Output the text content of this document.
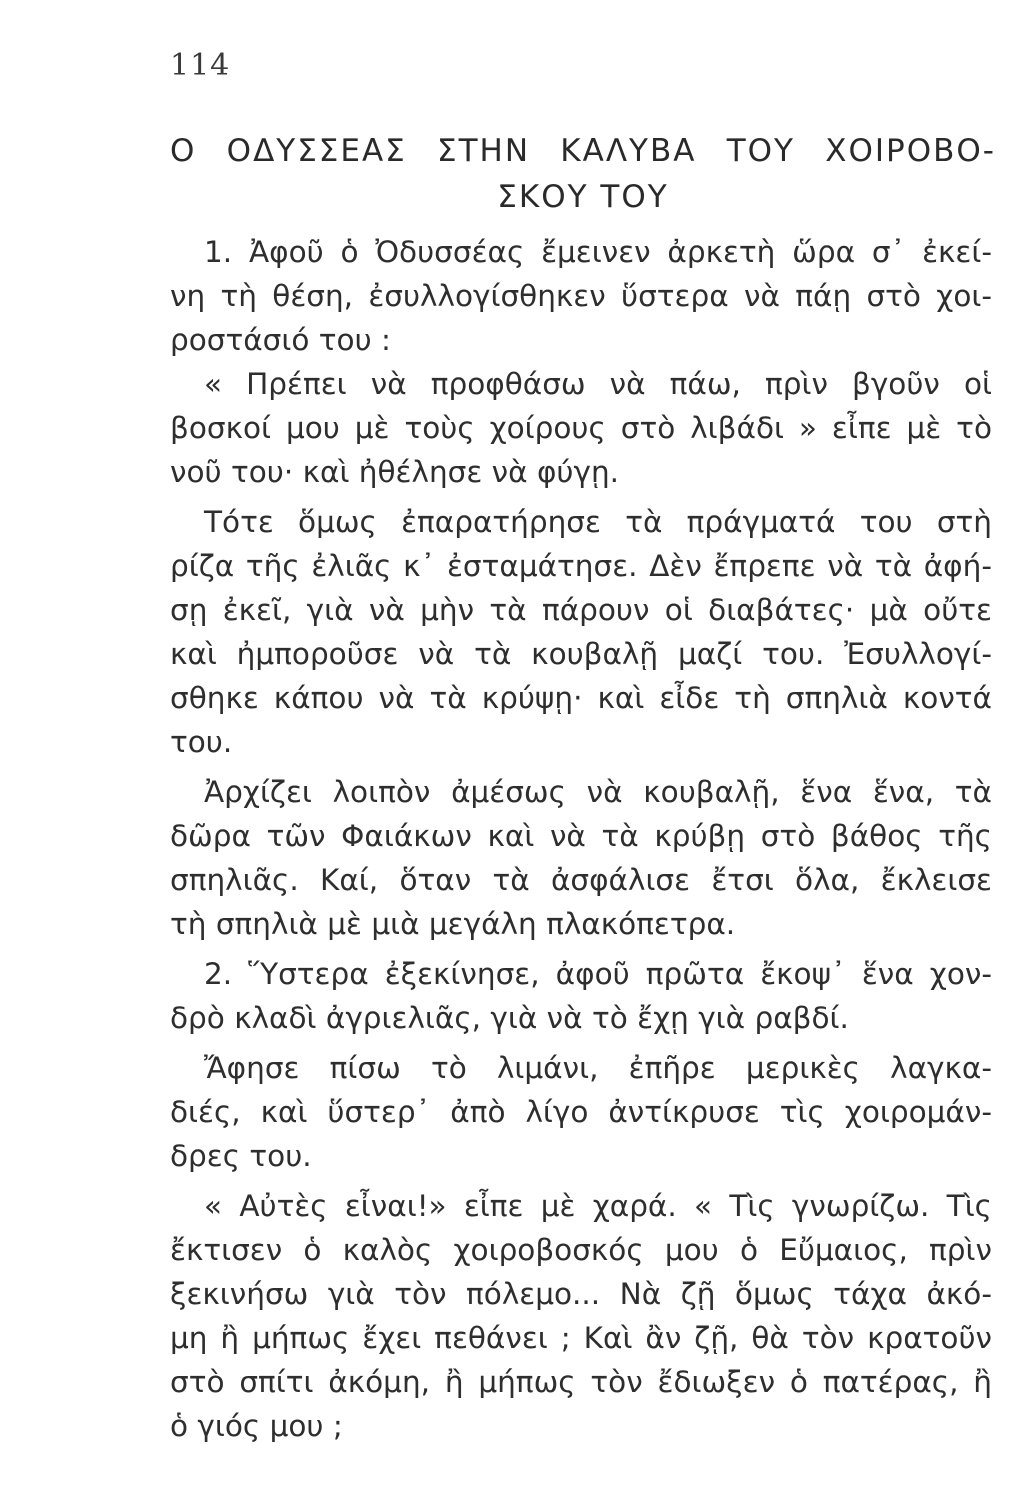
114
Ο ΟΔΥΣΣΕΑΣ ΣΤΗΝ ΚΑΛΥΒΑ ΤΟΥ ΧΟΙΡΟΒΟ-
ΣΚΟΥ ΤΟΥ
1. Ἀφοῦ ὁ Ὀδυσσέας ἔμεινεν ἀρκετὴ ὥρα σ᾽ ἐκεί-
νη τὴ θέση, ἐσυλλογίσθηκεν ὕστερα νὰ πάῃ στὸ χοι-
ροστάσιό του :
« Πρέπει νὰ προφθάσω νὰ πάω, πρὶν βγοῦν οἱ
βοσκοί μου μὲ τοὺς χοίρους στὸ λιβάδι » εἶπε μὲ τὸ
νοῦ του· καὶ ἠθέλησε νὰ φύγῃ.
Τότε ὅμως ἐπαρατήρησε τὰ πράγματά του στὴ
ρίζα τῆς ἐλιᾶς κ᾽ ἐσταμάτησε. Δὲν ἔπρεπε νὰ τὰ ἀφή-
σῃ ἐκεῖ, γιὰ νὰ μὴν τὰ πάρουν οἱ διαβάτες· μὰ οὔτε
καὶ ἠμποροῦσε νὰ τὰ κουβαλῇ μαζί του. Ἐσυλλογί-
σθηκε κάπου νὰ τὰ κρύψῃ· καὶ εἶδε τὴ σπηλιὰ κοντά
του.
Ἀρχίζει λοιπὸν ἀμέσως νὰ κουβαλῇ, ἕνα ἕνα, τὰ
δῶρα τῶν Φαιάκων καὶ νὰ τὰ κρύβῃ στὸ βάθος τῆς
σπηλιᾶς. Καί, ὅταν τὰ ἀσφάλισε ἔτσι ὅλα, ἔκλεισε
τὴ σπηλιὰ μὲ μιὰ μεγάλη πλακόπετρα.
2. Ὕστερα ἐξεκίνησε, ἀφοῦ πρῶτα ἔκοψ᾽ ἕνα χον-
δρὸ κλαδὶ ἀγριελιᾶς, γιὰ νὰ τὸ ἔχῃ γιὰ ραβδί.
Ἄφησε πίσω τὸ λιμάνι, ἐπῆρε μερικὲς λαγκα-
διές, καὶ ὕστερ᾽ ἀπὸ λίγο ἀντίκρυσε τὶς χοιρομάν-
δρες του.
« Αὐτὲς εἶναι!» εἶπε μὲ χαρά. « Τὶς γνωρίζω. Τὶς
ἔκτισεν ὁ καλὸς χοιροβοσκός μου ὁ Εὔμαιος, πρὶν
ξεκινήσω γιὰ τὸν πόλεμο... Νὰ ζῇ ὅμως τάχα ἀκό-
μη ἢ μήπως ἔχει πεθάνει ; Καὶ ἂν ζῇ, θὰ τὸν κρατοῦν
στὸ σπίτι ἀκόμη, ἢ μήπως τὸν ἔδιωξεν ὁ πατέρας, ἢ
ὁ γιός μου ;
